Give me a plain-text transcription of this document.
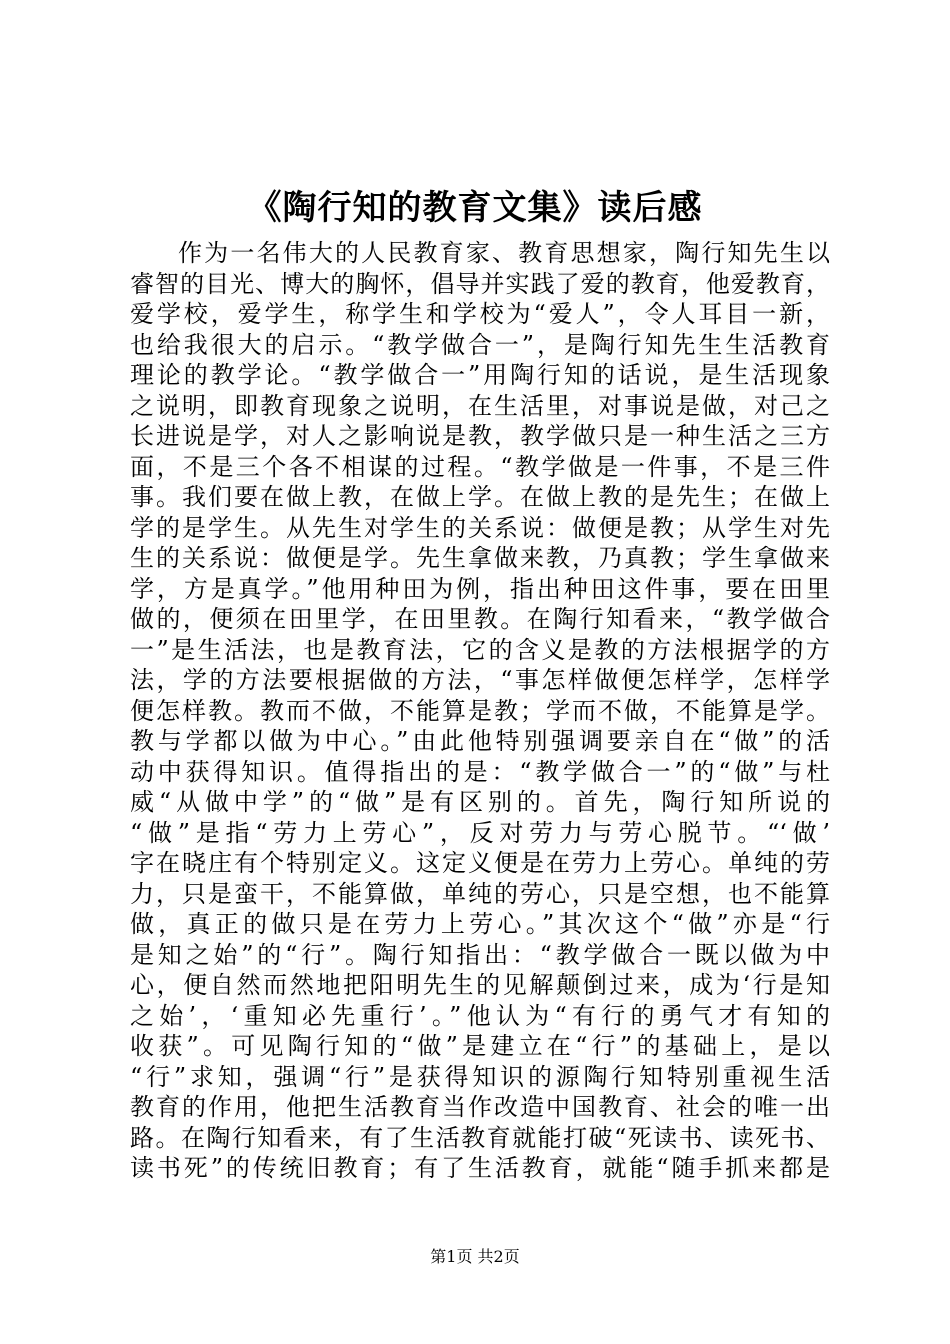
《陶行知的教育文集》读后感
作为一名伟大的人民教育家、教育思想家，陶行知先生以
睿智的目光、博大的胸怀，倡导并实践了爱的教育，他爱教育，
爱学校，爱学生，称学生和学校为“爱人”，令人耳目一新，
也给我很大的启示。“教学做合一”，是陶行知先生生活教育
理论的教学论。“教学做合一”用陶行知的话说，是生活现象
之说明，即教育现象之说明，在生活里，对事说是做，对己之
长进说是学，对人之影响说是教，教学做只是一种生活之三方
面，不是三个各不相谋的过程。“教学做是一件事，不是三件
事。我们要在做上教，在做上学。在做上教的是先生；在做上
学的是学生。从先生对学生的关系说：做便是教；从学生对先
生的关系说：做便是学。先生拿做来教，乃真教；学生拿做来
学，方是真学。”他用种田为例，指出种田这件事，要在田里
做的，便须在田里学，在田里教。在陶行知看来，“教学做合
一”是生活法，也是教育法，它的含义是教的方法根据学的方
法，学的方法要根据做的方法，“事怎样做便怎样学，怎样学
便怎样教。教而不做，不能算是教；学而不做，不能算是学。
教与学都以做为中心。”由此他特别强调要亲自在“做”的活
动中获得知识。值得指出的是：“教学做合一”的“做”与杜
威“从做中学”的“做”是有区别的。首先，陶行知所说的
“做”是指“劳力上劳心”，反对劳力与劳心脱节。“‘做’
字在晓庄有个特别定义。这定义便是在劳力上劳心。单纯的劳
力，只是蛮干，不能算做，单纯的劳心，只是空想，也不能算
做，真正的做只是在劳力上劳心。”其次这个“做”亦是“行
是知之始”的“行”。陶行知指出：“教学做合一既以做为中
心，便自然而然地把阳明先生的见解颠倒过来，成为‘行是知
之始’，‘重知必先重行’。”他认为“有行的勇气才有知的
收获”。可见陶行知的“做”是建立在“行”的基础上，是以
“行”求知，强调“行”是获得知识的源陶行知特别重视生活
教育的作用，他把生活教育当作改造中国教育、社会的唯一出
路。在陶行知看来，有了生活教育就能打破“死读书、读死书、
读书死”的传统旧教育；有了生活教育，就能“随手抓来都是
第1页 共2页
